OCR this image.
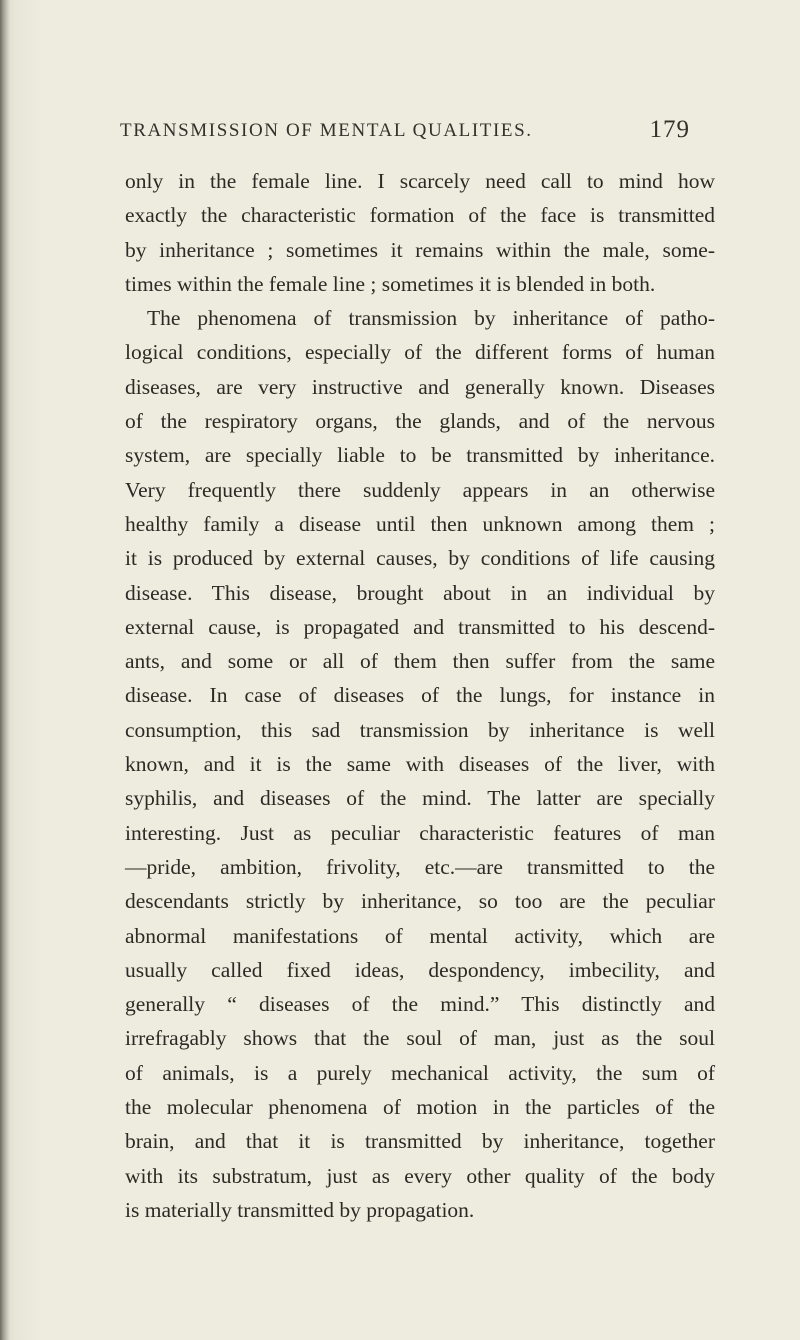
TRANSMISSION OF MENTAL QUALITIES.	179
only in the female line. I scarcely need call to mind how
exactly the characteristic formation of the face is transmitted
by inheritance ; sometimes it remains within the male, some-
times within the female line ; sometimes it is blended in both.
The phenomena of transmission by inheritance of patho-
logical conditions, especially of the different forms of human
diseases, are very instructive and generally known. Diseases
of the respiratory organs, the glands, and of the nervous
system, are specially liable to be transmitted by inheritance.
Very frequently there suddenly appears in an otherwise
healthy family a disease until then unknown among them ;
it is produced by external causes, by conditions of life causing
disease. This disease, brought about in an individual by
external cause, is propagated and transmitted to his descend-
ants, and some or all of them then suffer from the same
disease. In case of diseases of the lungs, for instance in
consumption, this sad transmission by inheritance is well
known, and it is the same with diseases of the liver, with
syphilis, and diseases of the mind. The latter are specially
interesting. Just as peculiar characteristic features of man
—pride, ambition, frivolity, etc.—are transmitted to the
descendants strictly by inheritance, so too are the peculiar
abnormal manifestations of mental activity, which are
usually called fixed ideas, despondency, imbecility, and
generally “ diseases of the mind.” This distinctly and
irrefragably shows that the soul of man, just as the soul
of animals, is a purely mechanical activity, the sum of
the molecular phenomena of motion in the particles of the
brain, and that it is transmitted by inheritance, together
with its substratum, just as every other quality of the body
is materially transmitted by propagation.
